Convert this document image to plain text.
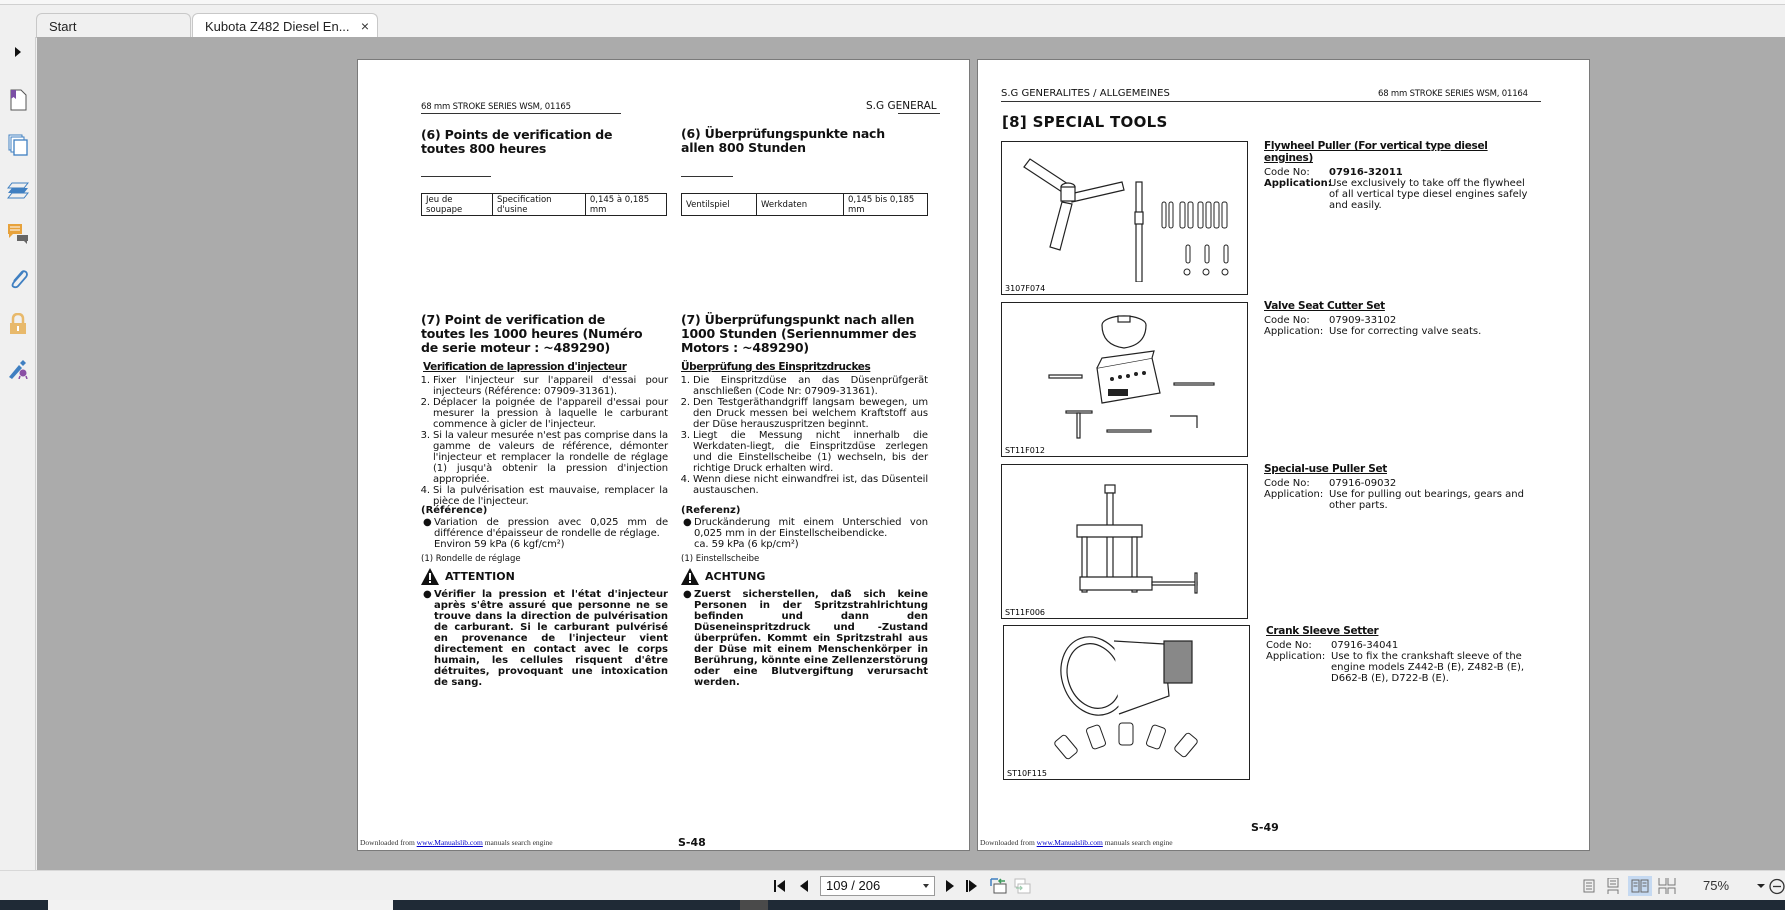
Start	Kubota Z482 Diesel En... ×
68 mm STROKE SERIES WSM, 01165	S.G GENERAL
(6) Points de verification de toutes 800 heures
Jeu de soupape	Specification d'usine	0,145 à 0,185 mm
(7) Point de verification de toutes les 1000 heures (Numéro de serie moteur : ~489290)
Verification de lapression d'injecteur
1. Fixer l'injecteur sur l'appareil d'essai pour injecteurs (Référence: 07909-31361).
2. Déplacer la poignée de l'appareil d'essai pour mesurer la pression à laquelle le carburant commence à gicler de l'injecteur.
3. Si la valeur mesurée n'est pas comprise dans la gamme de valeurs de référence, démonter l'injecteur et remplacer la rondelle de réglage (1) jusqu'à obtenir la pression d'injection appropriée.
4. Si la pulvérisation est mauvaise, remplacer la pièce de l'injecteur.
(Référence)
● Variation de pression avec 0,025 mm de différence d'épaisseur de rondelle de réglage.
Environ 59 kPa (6 kgf/cm²)
(1) Rondelle de réglage
ATTENTION
● Vérifier la pression et l'état d'injecteur après s'être assuré que personne ne se trouve dans la direction de pulvérisation de carburant. Si le carburant pulvérisé en provenance de l'injecteur vient directement en contact avec le corps humain, les cellules risquent d'être détruites, provoquant une intoxication de sang.
(6) Überprüfungspunkte nach allen 800 Stunden
Ventilspiel	Werkdaten	0,145 bis 0,185 mm
(7) Überprüfungspunkt nach allen 1000 Stunden (Seriennummer des Motors : ~489290)
Überprüfung des Einspritzdruckes
1. Die Einspritzdüse an das Düsenprüfgerät anschließen (Code Nr: 07909-31361).
2. Den Testgeräthandgriff langsam bewegen, um den Druck messen bei welchem Kraftstoff aus der Düse herauszuspritzen beginnt.
3. Liegt die Messung nicht innerhalb die Werkdaten-liegt, die Einspritzdüse zerlegen und die Einstellscheibe (1) wechseln, bis der richtige Druck erhalten wird.
4. Wenn diese nicht einwandfrei ist, das Düsenteil austauschen.
(Referenz)
● Druckänderung mit einem Unterschied von 0,025 mm in der Einstellscheibendicke.
ca. 59 kPa (6 kp/cm²)
(1) Einstellscheibe
ACHTUNG
● Zuerst sicherstellen, daß sich keine Personen in der Spritzstrahlrichtung befinden und dann den Düseneinspritzdruck und -Zustand überprüfen. Kommt ein Spritzstrahl aus der Düse mit einem Menschenkörper in Berührung, könnte eine Zellenzerstörung oder eine Blutvergiftung verursacht werden.
Downloaded from www.Manualslib.com manuals search engine	S-48
S.G GENERALITES / ALLGEMEINES	68 mm STROKE SERIES WSM, 01164
[8] SPECIAL TOOLS
3107F074
Flywheel Puller (For vertical type diesel engines)
Code No:	07916-32011
Application:
Use exclusively to take off the flywheel of all vertical type diesel engines safely and easily.
ST11F012
Valve Seat Cutter Set
Code No:	07909-33102
Application: Use for correcting valve seats.
ST11F006
Special-use Puller Set
Code No:	07916-09032
Application: Use for pulling out bearings, gears and other parts.
ST10F115
Crank Sleeve Setter
Code No:	07916-34041
Application: Use to fix the crankshaft sleeve of the engine models Z442-B (E), Z482-B (E), D662-B (E), D722-B (E).
S-49
Downloaded from www.Manualslib.com manuals search engine
109 / 206	75%
